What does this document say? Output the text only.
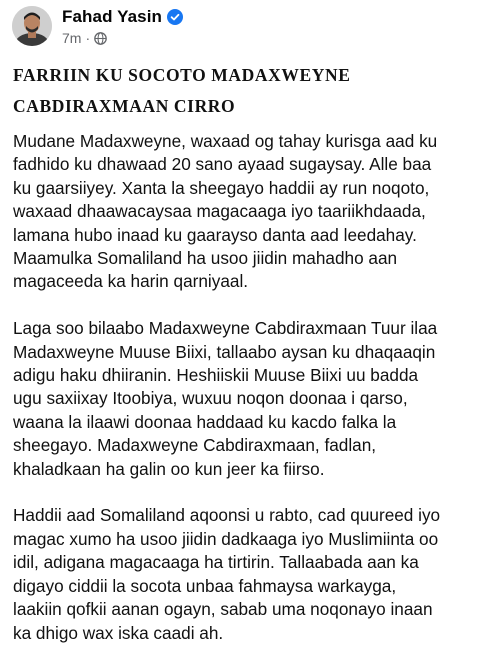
Fahad Yasin
7m ·
FARRIIN KU SOCOTO MADAXWEYNE
CABDIRAXMAAN CIRRO
Mudane Madaxweyne, waxaad og tahay kurisga aad ku
fadhido ku dhawaad 20 sano ayaad sugaysay. Alle baa
ku gaarsiiyey. Xanta la sheegayo haddii ay run noqoto,
waxaad dhaawacaysaa magacaaga iyo taariikhdaada,
lamana hubo inaad ku gaarayso danta aad leedahay.
Maamulka Somaliland ha usoo jiidin mahadho aan
magaceeda ka harin qarniyaal.
Laga soo bilaabo Madaxweyne Cabdiraxmaan Tuur ilaa
Madaxweyne Muuse Biixi, tallaabo aysan ku dhaqaaqin
adigu haku dhiiranin. Heshiiskii Muuse Biixi uu badda
ugu saxiixay Itoobiya, wuxuu noqon doonaa i qarso,
waana la ilaawi doonaa haddaad ku kacdo falka la
sheegayo. Madaxweyne Cabdiraxmaan, fadlan,
khaladkaan ha galin oo kun jeer ka fiirso.
Haddii aad Somaliland aqoonsi u rabto, cad quureed iyo
magac xumo ha usoo jiidin dadkaaga iyo Muslimiinta oo
idil, adigana magacaaga ha tirtirin. Tallaabada aan ka
digayo ciddii la socota unbaa fahmaysa warkayga,
laakiin qofkii aanan ogayn, sabab uma noqonayo inaan
ka dhigo wax iska caadi ah.
